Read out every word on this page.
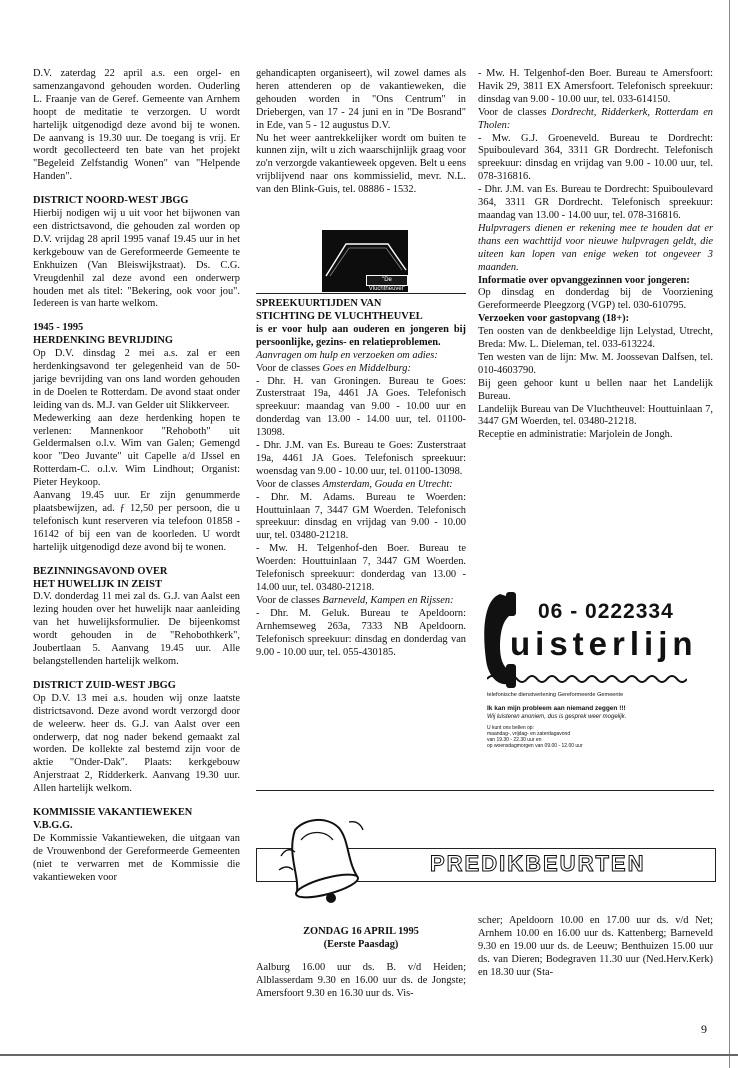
D.V. zaterdag 22 april a.s. een orgel- en samenzangavond gehouden worden. Ouderling L. Fraanje van de Geref. Gemeente van Arnhem hoopt de meditatie te verzorgen. U wordt hartelijk uitgenodigd deze avond bij te wonen. De aanvang is 19.30 uur. De toegang is vrij. Er wordt gecollecteerd ten bate van het projekt "Begeleid Zelfstandig Wonen" van "Helpende Handen".

DISTRICT NOORD-WEST JBGG

Hierbij nodigen wij u uit voor het bijwonen van een districtsavond, die gehouden zal worden op D.V. vrijdag 28 april 1995 vanaf 19.45 uur in het kerkgebouw van de Gereformeerde Gemeente te Enkhuizen (Van Bleiswijkstraat). Ds. C.G. Vreugdenhil zal deze avond een onderwerp houden met als titel: "Bekering, ook voor jou". Iedereen is van harte welkom.

1945 - 1995

HERDENKING BEVRIJDING

Op D.V. dinsdag 2 mei a.s. zal er een herdenkingsavond ter gelegenheid van de 50-jarige bevrijding van ons land worden gehouden in de Doelen te Rotterdam. De avond staat onder leiding van ds. M.J. van Gelder uit Slikkerveer.

Medewerking aan deze herdenking hopen te verlenen: Mannenkoor "Rehoboth" uit Geldermalsen o.l.v. Wim van Galen; Gemengd koor "Deo Juvante" uit Capelle a/d IJssel en Rotterdam-C. o.l.v. Wim Lindhout; Organist: Pieter Heykoop.

Aanvang 19.45 uur. Er zijn genummerde plaatsbewijzen, ad. ƒ 12,50 per persoon, die u telefonisch kunt reserveren via telefoon 01858 - 16142 of bij een van de koorleden. U wordt hartelijk uitgenodigd deze avond bij te wonen.

BEZINNINGSAVOND OVER

HET HUWELIJK IN ZEIST

D.V. donderdag 11 mei zal ds. G.J. van Aalst een lezing houden over het huwelijk naar aanleiding van het huwelijksformulier. De bijeenkomst wordt gehouden in de "Rehobothkerk", Joubertlaan 5. Aanvang 19.45 uur. Alle belangstellenden hartelijk welkom.

DISTRICT ZUID-WEST JBGG

Op D.V. 13 mei a.s. houden wij onze laatste districtsavond. Deze avond wordt verzorgd door de weleerw. heer ds. G.J. van Aalst over een onderwerp, dat nog nader bekend gemaakt zal worden. De kollekte zal bestemd zijn voor de aktie "Onder-Dak". Plaats: kerkgebouw Anjerstraat 2, Ridderkerk. Aanvang 19.30 uur. Allen hartelijk welkom.

KOMMISSIE VAKANTIEWEKEN

V.B.G.G.

De Kommissie Vakantieweken, die uitgaan van de Vrouwenbond der Gereformeerde Gemeenten (niet te verwarren met de Kommissie die vakantieweken voor

gehandicapten organiseert), wil zowel dames als heren attenderen op de vakantieweken, die gehouden worden in "Ons Centrum" in Driebergen, van 17 - 24 juni en in "De Bosrand" in Ede, van 5 - 12 augustus D.V.

Nu het weer aantrekkelijker wordt om buiten te kunnen zijn, wilt u zich waarschijnlijk graag voor zo'n verzorgde vakantieweek opgeven. Belt u eens vrijblijvend naar ons kommissielid, mevr. N.L. van den Blink-Guis, tel. 08886 - 1532.

SPREEKUURTIJDEN VAN

STICHTING DE VLUCHTHEUVEL

is er voor hulp aan ouderen en jongeren bij persoonlijke, gezins- en relatieproblemen.

Aanvragen om hulp en verzoeken om adies:

Voor de classes Goes en Middelburg:

- Dhr. H. van Groningen. Bureau te Goes: Zusterstraat 19a, 4461 JA Goes. Telefonisch spreekuur: maandag van 9.00 - 10.00 uur en donderdag van 13.00 - 14.00 uur, tel. 01100-13098.

- Dhr. J.M. van Es. Bureau te Goes: Zusterstraat 19a, 4461 JA Goes. Telefonisch spreekuur: woensdag van 9.00 - 10.00 uur, tel. 01100-13098.

Voor de classes Amsterdam, Gouda en Utrecht:

- Dhr. M. Adams. Bureau te Woerden: Houttuinlaan 7, 3447 GM Woerden. Telefonisch spreekuur: dinsdag en vrijdag van 9.00 - 10.00 uur, tel. 03480-21218.

- Mw. H. Telgenhof-den Boer. Bureau te Woerden: Houttuinlaan 7, 3447 GM Woerden. Telefonisch spreekuur: donderdag van 13.00 - 14.00 uur, tel. 03480-21218.

Voor de classes Barneveld, Kampen en Rijssen:

- Dhr. M. Geluk. Bureau te Apeldoorn: Arnhemseweg 263a, 7333 NB Apeldoorn. Telefonisch spreekuur: dinsdag en donderdag van 9.00 - 10.00 uur, tel. 055-430185.

"De Vluchtheuvel"

- Mw. H. Telgenhof-den Boer. Bureau te Amersfoort: Havik 29, 3811 EX Amersfoort. Telefonisch spreekuur: dinsdag van 9.00 - 10.00 uur, tel. 033-614150.

Voor de classes Dordrecht, Ridderkerk, Rotterdam en Tholen:

- Mw. G.J. Groeneveld. Bureau te Dordrecht: Spuiboulevard 364, 3311 GR Dordrecht. Telefonisch spreekuur: dinsdag en vrijdag van 9.00 - 10.00 uur, tel. 078-316816.

- Dhr. J.M. van Es. Bureau te Dordrecht: Spuiboulevard 364, 3311 GR Dordrecht. Telefonisch spreekuur: maandag van 13.00 - 14.00 uur, tel. 078-316816.

Hulpvragers dienen er rekening mee te houden dat er thans een wachttijd voor nieuwe hulpvragen geldt, die uiteen kan lopen van enige weken tot ongeveer 3 maanden.

Informatie over opvanggezinnen voor jongeren:

Op dinsdag en donderdag bij de Voorziening Gereformeerde Pleegzorg (VGP) tel. 030-610795.

Verzoeken voor gastopvang (18+):

Ten oosten van de denkbeeldige lijn Lelystad, Utrecht, Breda: Mw. L. Dieleman, tel. 033-613224.

Ten westen van de lijn: Mw. M. Joossevan Dalfsen, tel. 010-4603790.

Bij geen gehoor kunt u bellen naar het Landelijk Bureau.

Landelijk Bureau van De Vluchtheuvel: Houttuinlaan 7, 3447 GM Woerden, tel. 03480-21218.

Receptie en administratie: Marjolein de Jongh.

06 - 0222334
uisterlijn
telefonische dienstverlening Gereformeerde Gemeente
Ik kan mijn probleem aan niemand zeggen !!!
Wij luisteren anoniem, dus is gesprek weer mogelijk.
U kunt ons bellen op:
maandag-, vrijdag- en zaterdagavond
van 19.30 - 22.30 uur en
op woensdagmorgen van 09.00 - 12.00 uur
PREDIKBEURTEN

ZONDAG 16 APRIL 1995

(Eerste Paasdag)

Aalburg 16.00 uur ds. B. v/d Heiden; Alblasserdam 9.30 en 16.00 uur ds. de Jongste; Amersfoort 9.30 en 16.30 uur ds. Vis-

scher; Apeldoorn 10.00 en 17.00 uur ds. v/d Net; Arnhem 10.00 en 16.00 uur ds. Kattenberg; Barneveld 9.30 en 19.00 uur ds. de Leeuw; Benthuizen 15.00 uur ds. van Dieren; Bodegraven 11.30 uur (Ned.Herv.Kerk) en 18.30 uur (Sta-

9
